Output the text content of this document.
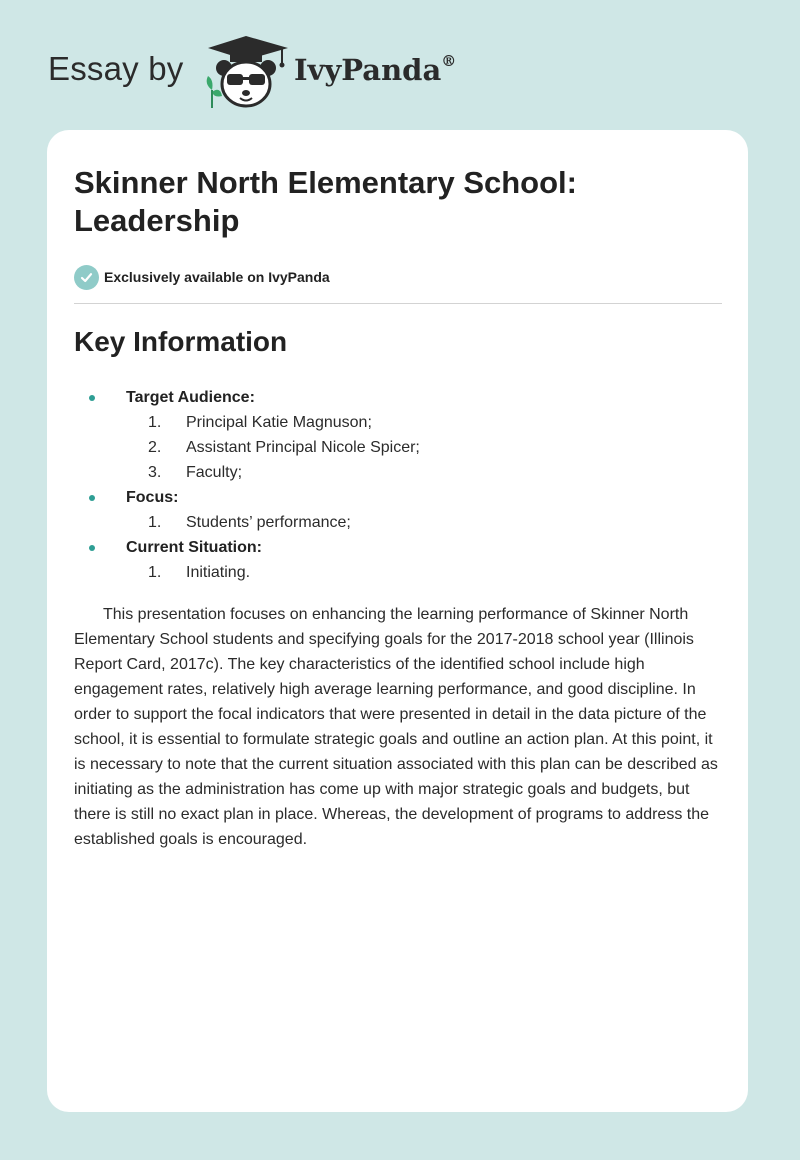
Essay by	IvyPanda®
Skinner North Elementary School: Leadership
Exclusively available on IvyPanda
Key Information
Target Audience:
1. Principal Katie Magnuson;
2. Assistant Principal Nicole Spicer;
3. Faculty;
Focus:
1. Students’ performance;
Current Situation:
1. Initiating.

This presentation focuses on enhancing the learning performance of Skinner North Elementary School students and specifying goals for the 2017-2018 school year (Illinois Report Card, 2017c). The key characteristics of the identified school include high engagement rates, relatively high average learning performance, and good discipline. In order to support the focal indicators that were presented in detail in the data picture of the school, it is essential to formulate strategic goals and outline an action plan. At this point, it is necessary to note that the current situation associated with this plan can be described as initiating as the administration has come up with major strategic goals and budgets, but there is still no exact plan in place. Whereas, the development of programs to address the established goals is encouraged.
